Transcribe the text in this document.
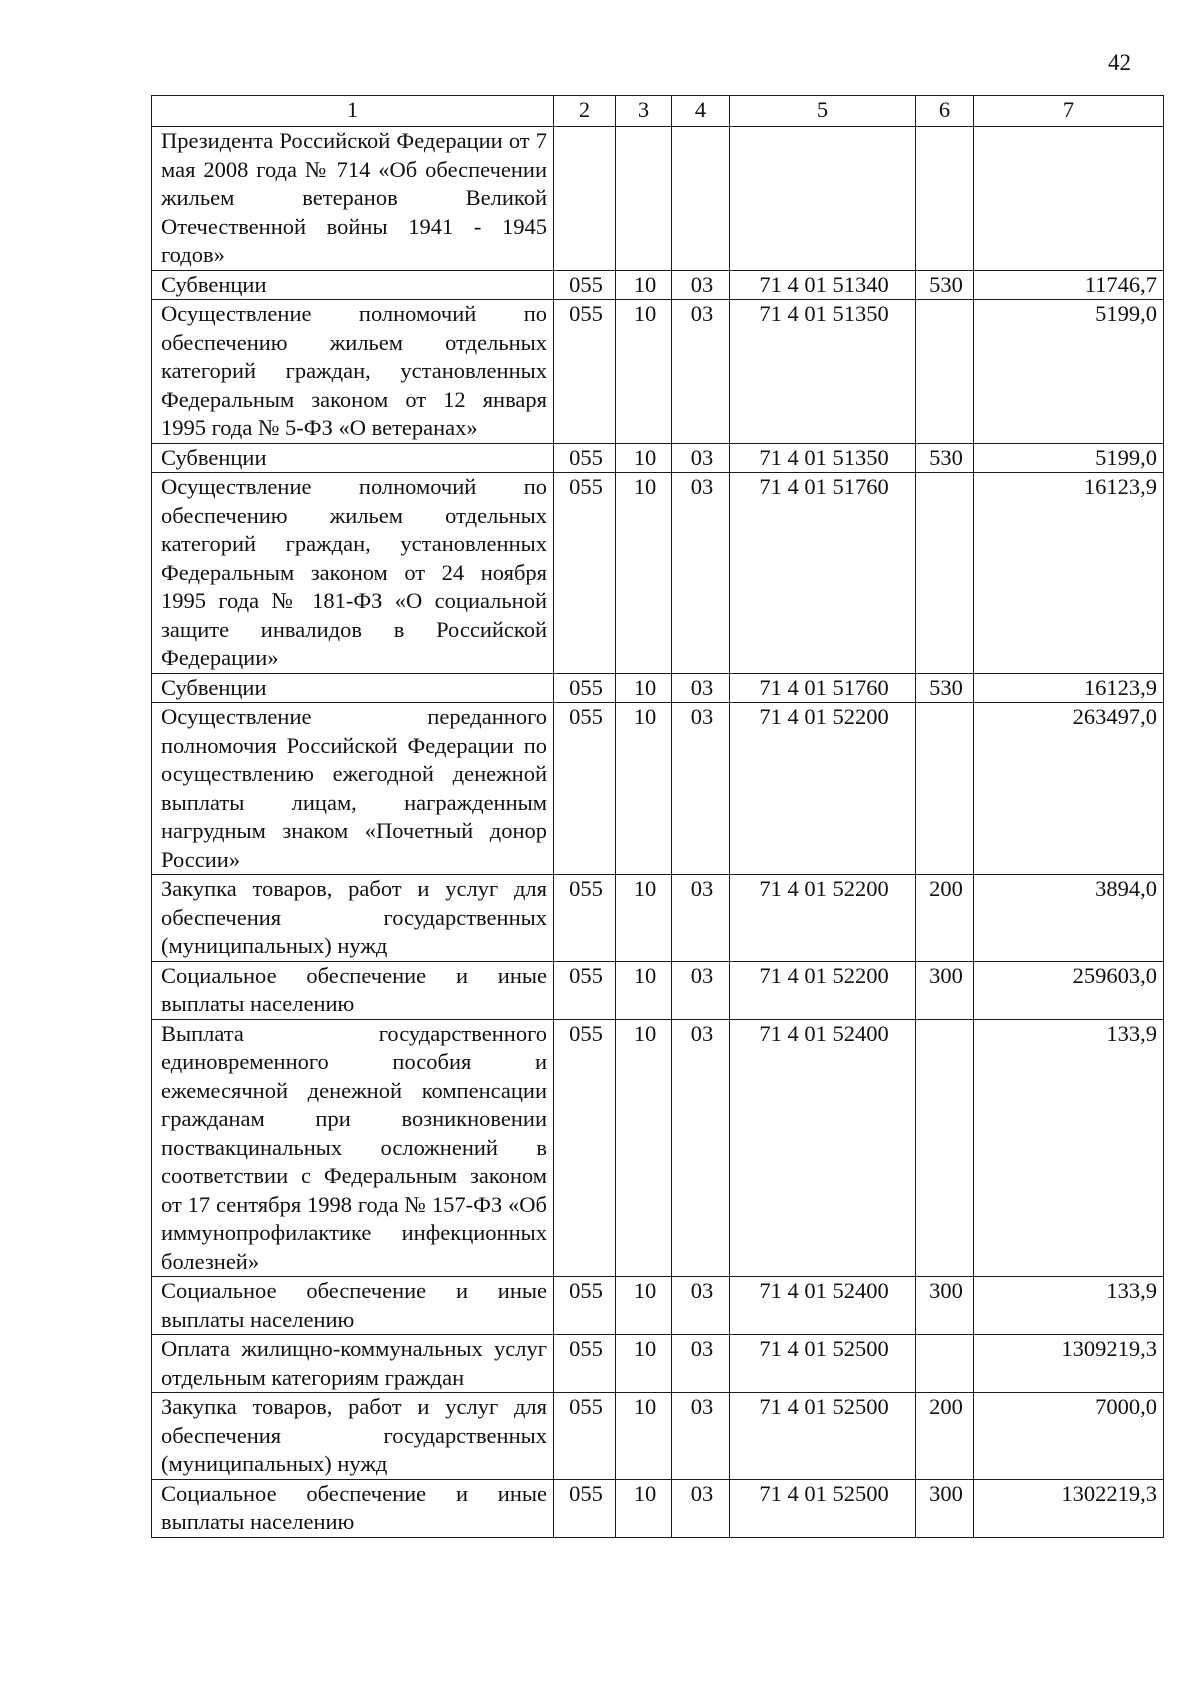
42
1	2	3	4	5	6	7
Президента Российской Федерации от 7 мая 2008 года № 714 «Об обеспечении жильем ветеранов Великой Отечественной войны 1941 - 1945 годов»						
Субвенции	055	10	03	71 4 01 51340	530	11746,7
Осуществление полномочий по обеспечению жильем отдельных категорий граждан, установленных Федеральным законом от 12 января 1995 года № 5-ФЗ «О ветеранах»	055	10	03	71 4 01 51350		5199,0
Субвенции	055	10	03	71 4 01 51350	530	5199,0
Осуществление полномочий по обеспечению жильем отдельных категорий граждан, установленных Федеральным законом от 24 ноября 1995 года № 181-ФЗ «О социальной защите инвалидов в Российской Федерации»	055	10	03	71 4 01 51760		16123,9
Субвенции	055	10	03	71 4 01 51760	530	16123,9
Осуществление переданного полномочия Российской Федерации по осуществлению ежегодной денежной выплаты лицам, награжденным нагрудным знаком «Почетный донор России»	055	10	03	71 4 01 52200		263497,0
Закупка товаров, работ и услуг для обеспечения государственных (муниципальных) нужд	055	10	03	71 4 01 52200	200	3894,0
Социальное обеспечение и иные выплаты населению	055	10	03	71 4 01 52200	300	259603,0
Выплата государственного единовременного пособия и ежемесячной денежной компенсации гражданам при возникновении поствакцинальных осложнений в соответствии с Федеральным законом от 17 сентября 1998 года № 157-ФЗ «Об иммунопрофилактике инфекционных болезней»	055	10	03	71 4 01 52400		133,9
Социальное обеспечение и иные выплаты населению	055	10	03	71 4 01 52400	300	133,9
Оплата жилищно-коммунальных услуг отдельным категориям граждан	055	10	03	71 4 01 52500		1309219,3
Закупка товаров, работ и услуг для обеспечения государственных (муниципальных) нужд	055	10	03	71 4 01 52500	200	7000,0
Социальное обеспечение и иные выплаты населению	055	10	03	71 4 01 52500	300	1302219,3
